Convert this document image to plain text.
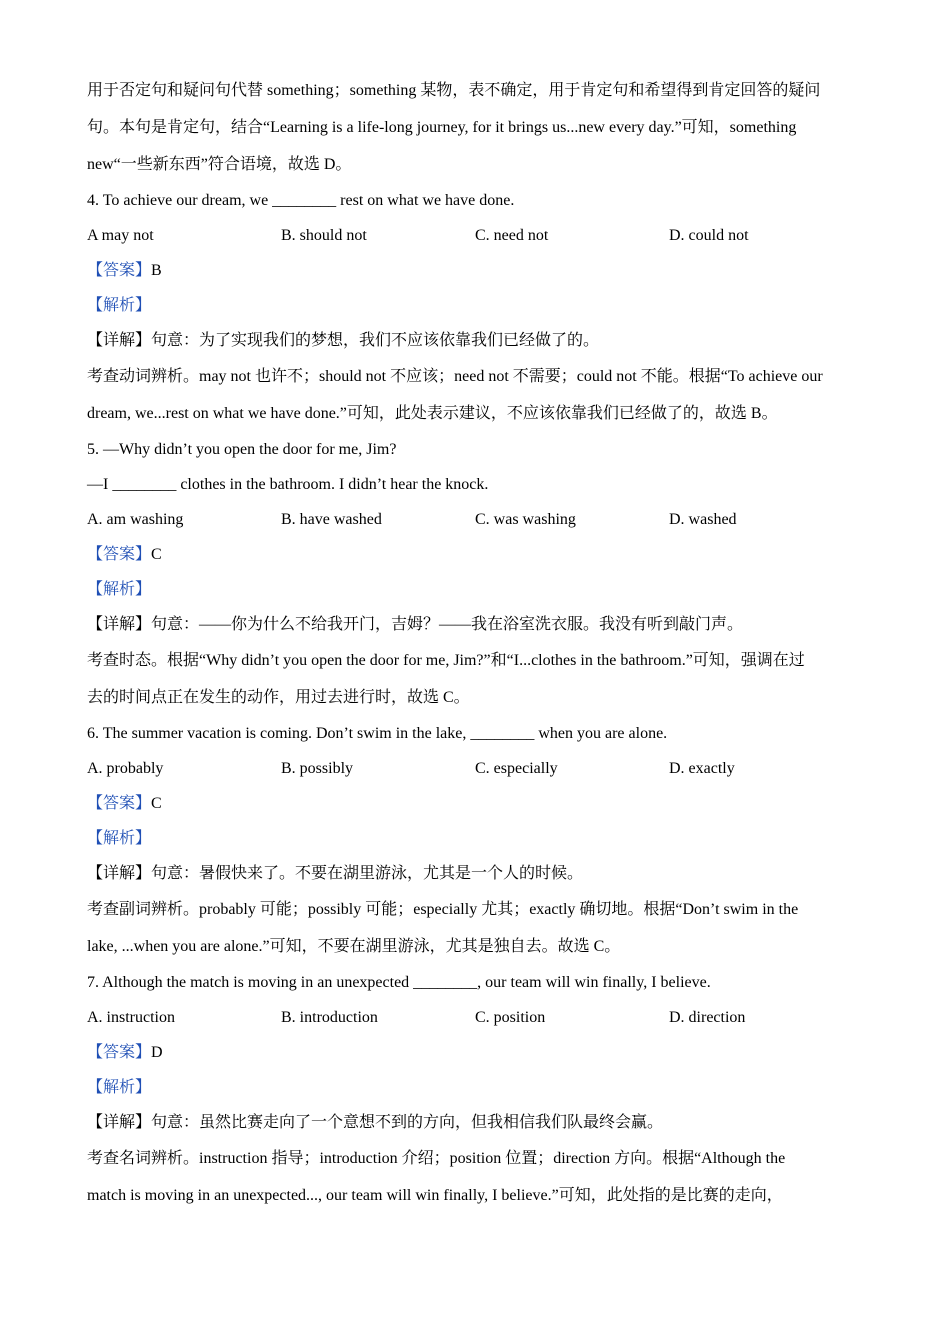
用于否定句和疑问句代替 something；something 某物，表不确定，用于肯定句和希望得到肯定回答的疑问
句。本句是肯定句，结合“Learning is a life-long journey, for it brings us...new every day.”可知，something
new“一些新东西”符合语境，故选 D。
4. To achieve our dream, we ________ rest on what we have done.
A may not	B. should not	C. need not	D. could not
【答案】B
【解析】
【详解】句意：为了实现我们的梦想，我们不应该依靠我们已经做了的。
考查动词辨析。may not 也许不；should not 不应该；need not 不需要；could not 不能。根据“To achieve our
dream, we...rest on what we have done.”可知，此处表示建议，不应该依靠我们已经做了的，故选 B。
5. —Why didn’t you open the door for me, Jim?
—I ________ clothes in the bathroom. I didn’t hear the knock.
A. am washing	B. have washed	C. was washing	D. washed
【答案】C
【解析】
【详解】句意：——你为什么不给我开门，吉姆？——我在浴室洗衣服。我没有听到敲门声。
考查时态。根据“Why didn’t you open the door for me, Jim?”和“I...clothes in the bathroom.”可知，强调在过
去的时间点正在发生的动作，用过去进行时，故选 C。
6. The summer vacation is coming. Don’t swim in the lake, ________ when you are alone.
A. probably	B. possibly	C. especially	D. exactly
【答案】C
【解析】
【详解】句意：暑假快来了。不要在湖里游泳，尤其是一个人的时候。
考查副词辨析。probably 可能；possibly 可能；especially 尤其；exactly 确切地。根据“Don’t swim in the
lake, ...when you are alone.”可知，不要在湖里游泳，尤其是独自去。故选 C。
7. Although the match is moving in an unexpected ________, our team will win finally, I believe.
A. instruction	B. introduction	C. position	D. direction
【答案】D
【解析】
【详解】句意：虽然比赛走向了一个意想不到的方向，但我相信我们队最终会赢。
考查名词辨析。instruction 指导；introduction 介绍；position 位置；direction 方向。根据“Although the
match is moving in an unexpected..., our team will win finally, I believe.”可知，此处指的是比赛的走向，
